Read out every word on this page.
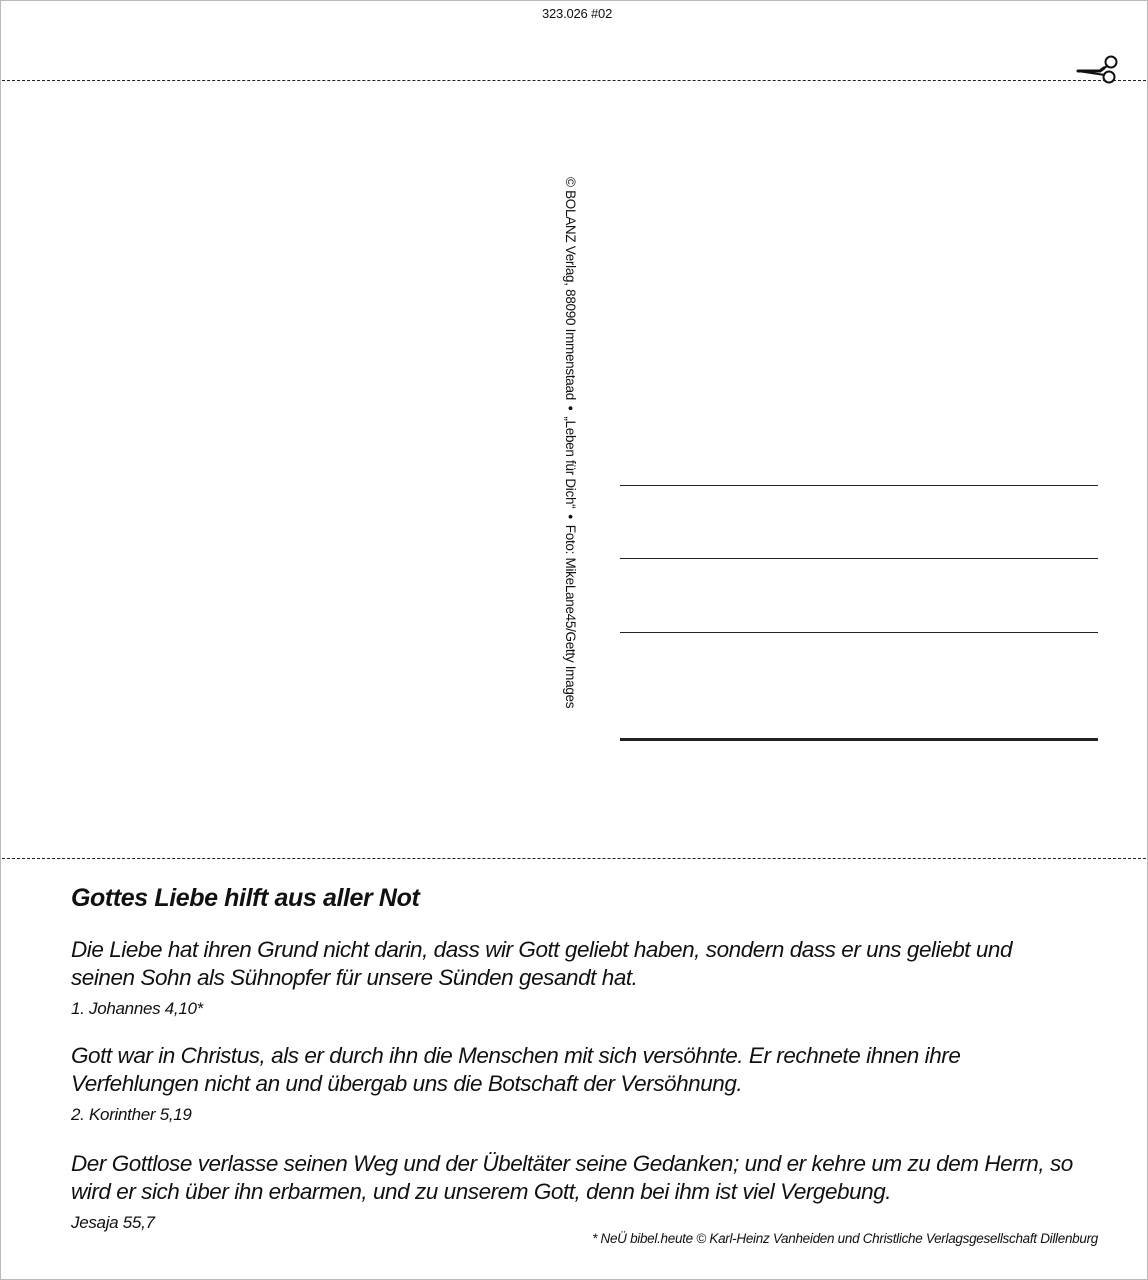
323.026 #02
© BOLANZ Verlag, 88090 Immenstaad•„Leben für Dich“•Foto: MikeLane45/Getty Images
Gottes Liebe hilft aus aller Not
Die Liebe hat ihren Grund nicht darin, dass wir Gott geliebt haben, sondern dass er uns geliebt und seinen Sohn als Sühnopfer für unsere Sünden gesandt hat.
1. Johannes 4,10*
Gott war in Christus, als er durch ihn die Menschen mit sich versöhnte. Er rechnete ihnen ihre Verfehlungen nicht an und übergab uns die Botschaft der Versöhnung.
2. Korinther 5,19
Der Gottlose verlasse seinen Weg und der Übeltäter seine Gedanken; und er kehre um zu dem Herrn, so wird er sich über ihn erbarmen, und zu unserem Gott, denn bei ihm ist viel Vergebung.
Jesaja 55,7
* NeÜ bibel.heute © Karl-Heinz Vanheiden und Christliche Verlagsgesellschaft Dillenburg
